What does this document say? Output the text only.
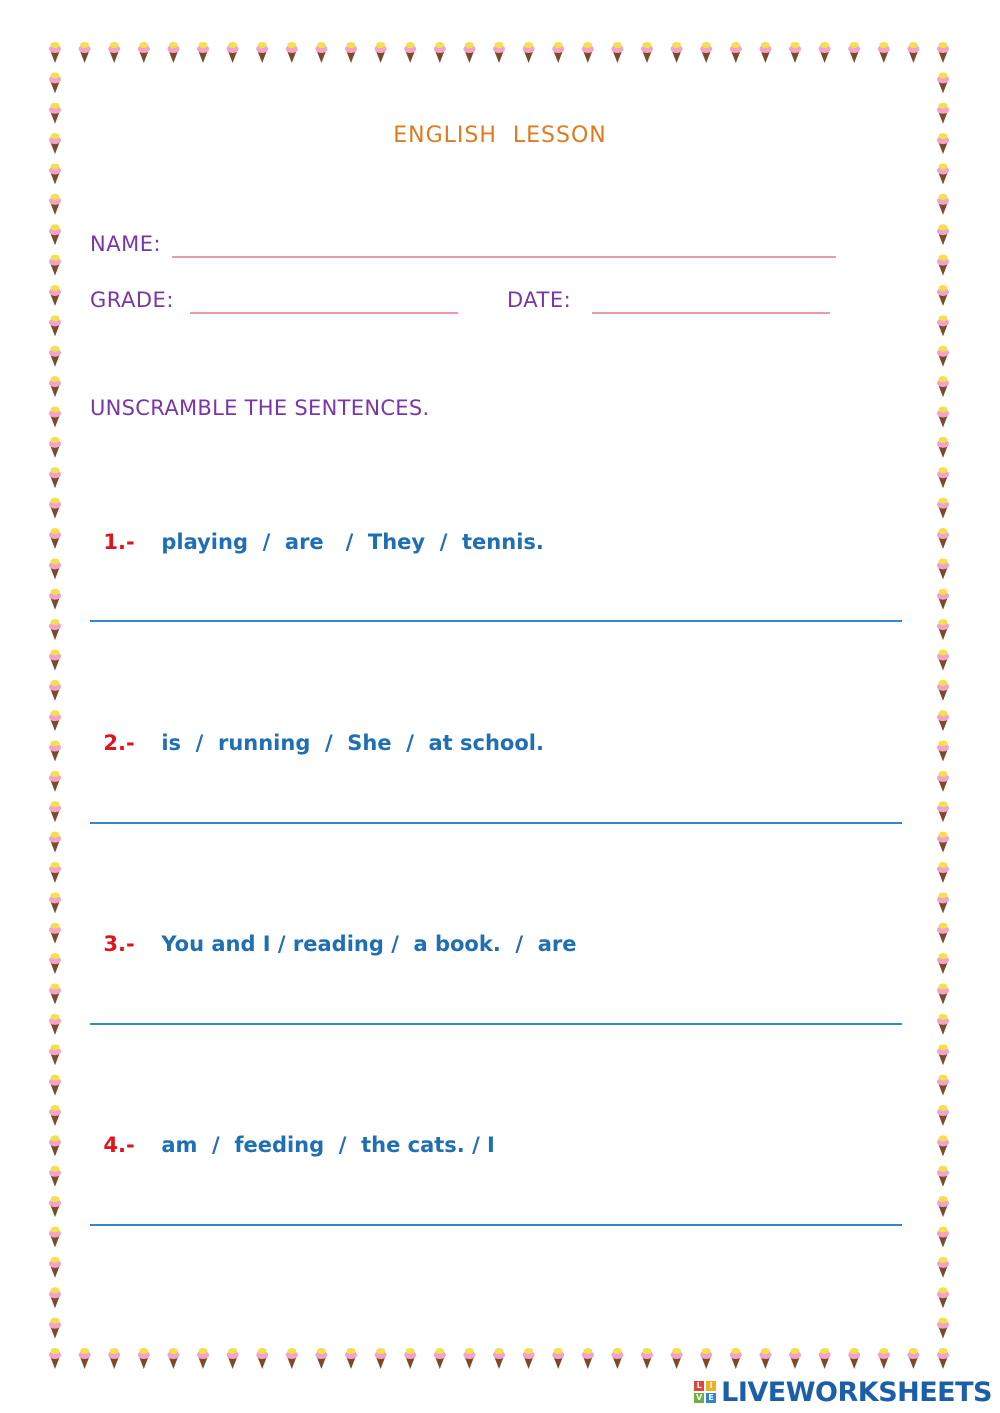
ENGLISH LESSON
NAME:
GRADE:	DATE:
UNSCRAMBLE THE SENTENCES.

1.- playing  /  are   /  They  /  tennis.

2.- is  /  running  /  She  /  at school.

3.- You and I / reading /  a book.  /  are

4.- am  /  feeding  /  the cats. / I

L I
V E LIVEWORKSHEETS
